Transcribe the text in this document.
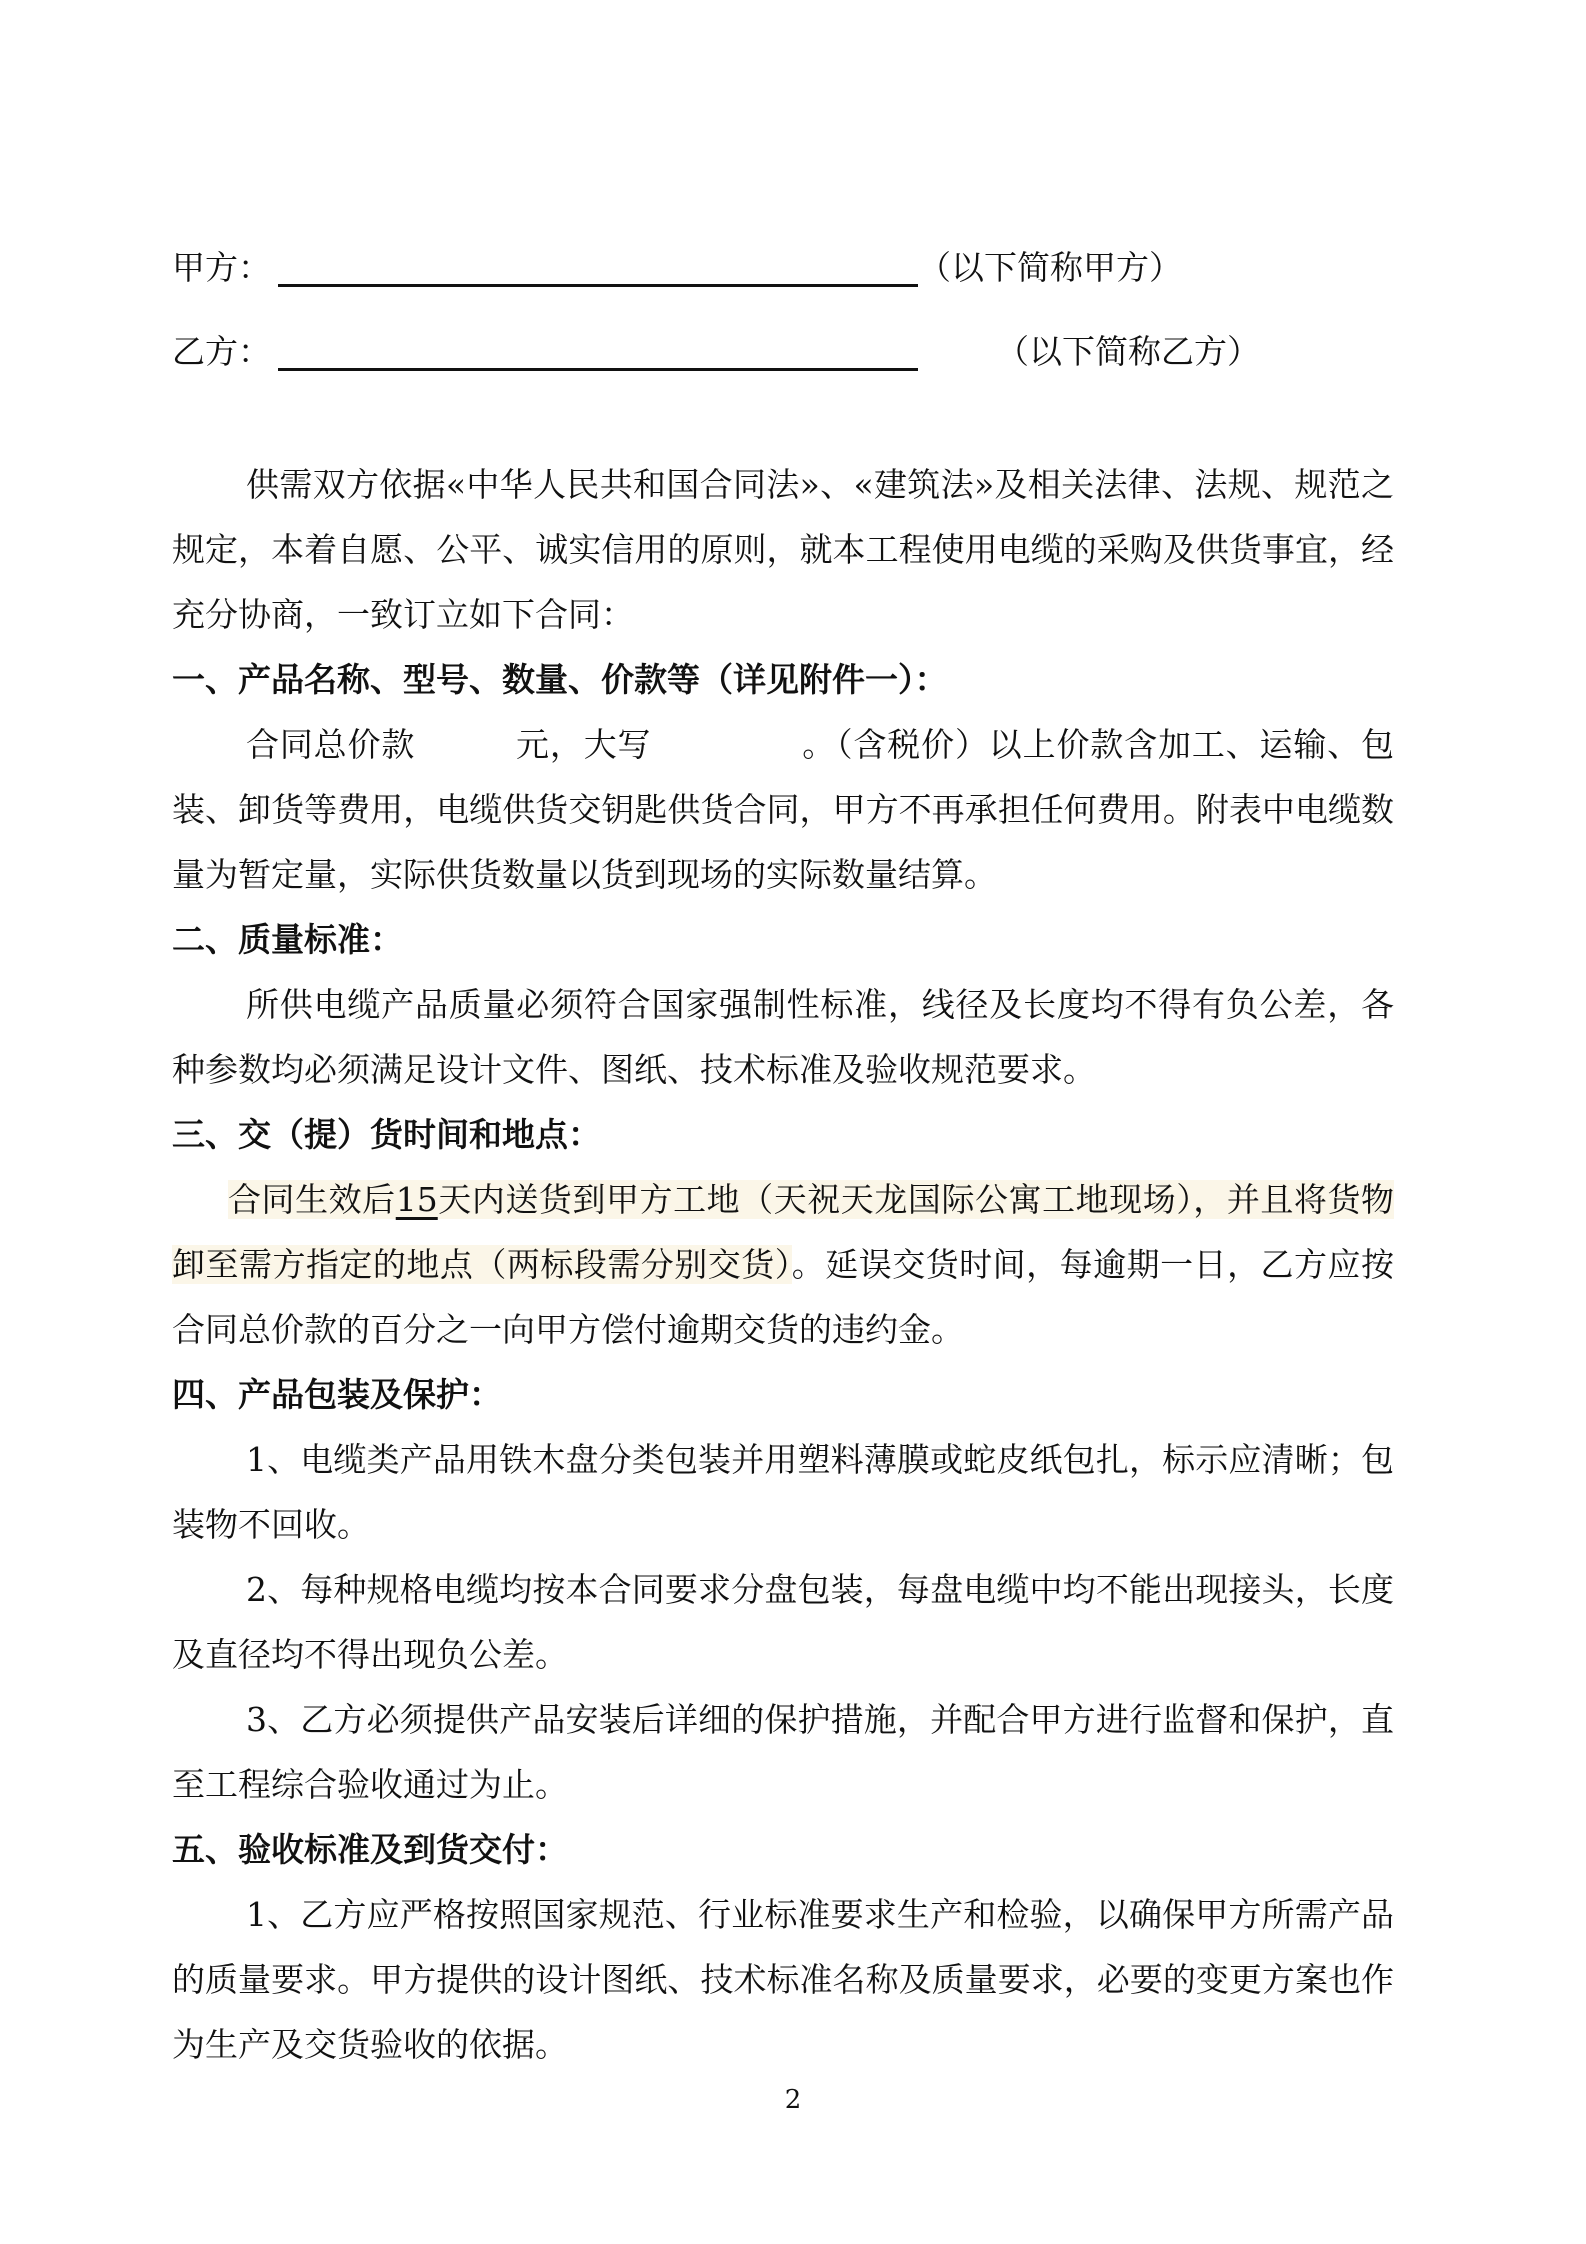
甲方：	（以下简称甲方）
乙方：	（以下简称乙方）

供需双方依据«中华人民共和国合同法»、«建筑法»及相关法律、法规、规范之规定，本着自愿、公平、诚实信用的原则，就本工程使用电缆的采购及供货事宜，经充分协商，一致订立如下合同：

一、产品名称、型号、数量、价款等（详见附件一）：

合同总价款	元，大写	。（含税价）以上价款含加工、运输、包装、卸货等费用，电缆供货交钥匙供货合同，甲方不再承担任何费用。附表中电缆数量为暂定量，实际供货数量以货到现场的实际数量结算。

二、质量标准：

所供电缆产品质量必须符合国家强制性标准，线径及长度均不得有负公差，各种参数均必须满足设计文件、图纸、技术标准及验收规范要求。

三、交（提）货时间和地点：

合同生效后15天内送货到甲方工地（天祝天龙国际公寓工地现场），并且将货物卸至需方指定的地点（两标段需分别交货）。延误交货时间，每逾期一日，乙方应按合同总价款的百分之一向甲方偿付逾期交货的违约金。

四、产品包装及保护：

1、电缆类产品用铁木盘分类包装并用塑料薄膜或蛇皮纸包扎，标示应清晰；包装物不回收。

2、每种规格电缆均按本合同要求分盘包装，每盘电缆中均不能出现接头，长度及直径均不得出现负公差。

3、乙方必须提供产品安装后详细的保护措施，并配合甲方进行监督和保护，直至工程综合验收通过为止。

五、验收标准及到货交付：

1、乙方应严格按照国家规范、行业标准要求生产和检验，以确保甲方所需产品的质量要求。甲方提供的设计图纸、技术标准名称及质量要求，必要的变更方案也作为生产及交货验收的依据。

2
